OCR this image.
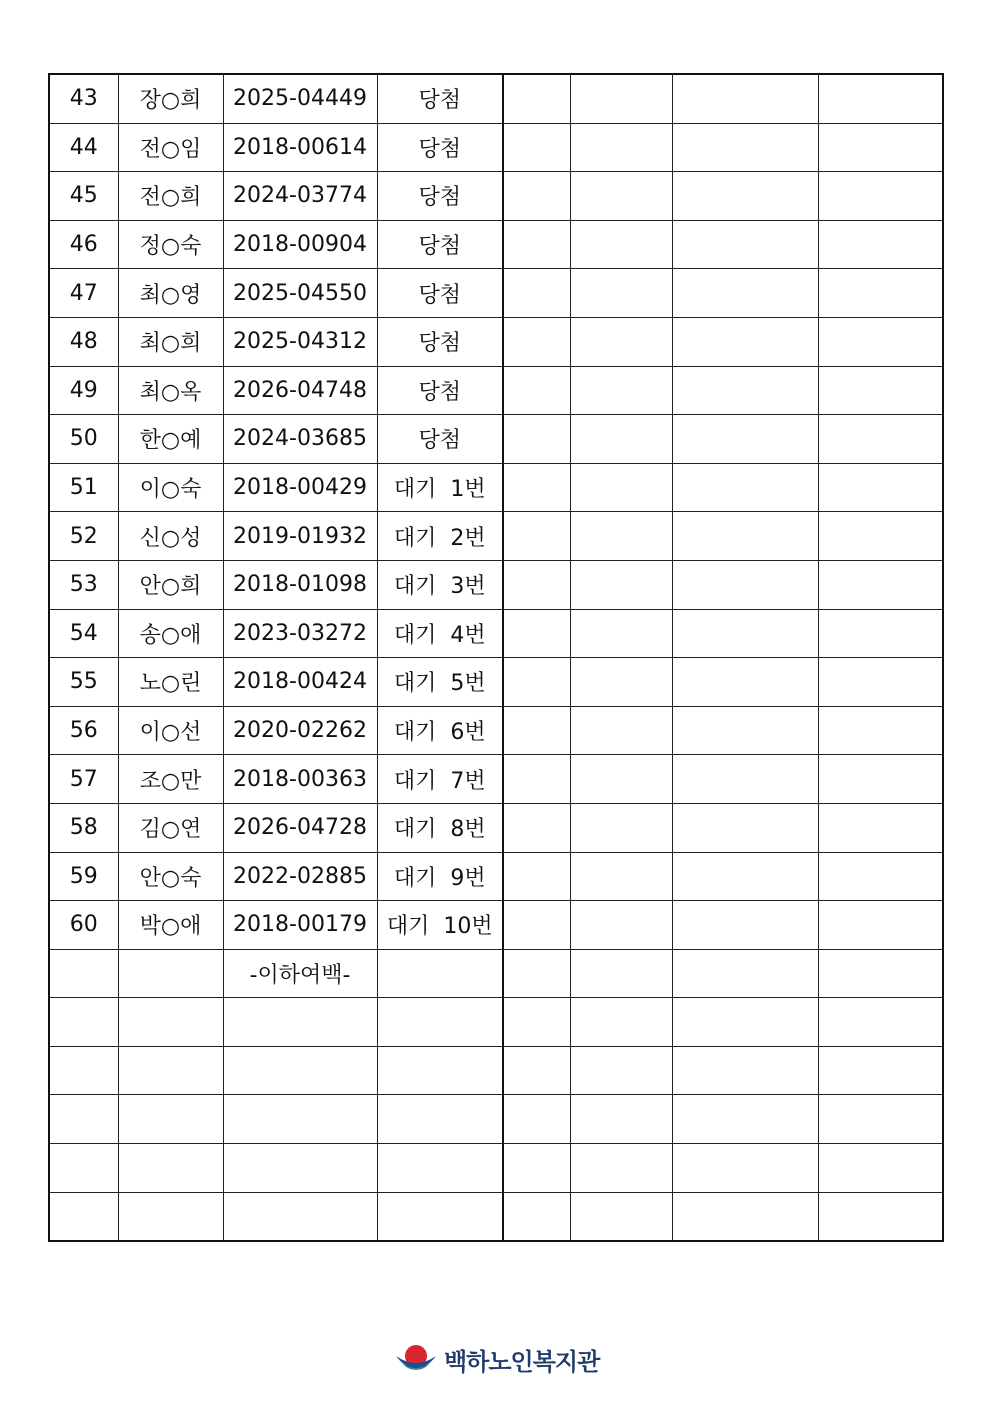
43	장○희	2025-04449	당첨				
44	전○임	2018-00614	당첨				
45	전○희	2024-03774	당첨				
46	정○숙	2018-00904	당첨				
47	최○영	2025-04550	당첨				
48	최○희	2025-04312	당첨				
49	최○옥	2026-04748	당첨				
50	한○예	2024-03685	당첨				
51	이○숙	2018-00429	대기  1번				
52	신○성	2019-01932	대기  2번				
53	안○희	2018-01098	대기  3번				
54	송○애	2023-03272	대기  4번				
55	노○린	2018-00424	대기  5번				
56	이○선	2020-02262	대기  6번				
57	조○만	2018-00363	대기  7번				
58	김○연	2026-04728	대기  8번				
59	안○숙	2022-02885	대기  9번				
60	박○애	2018-00179	대기  10번				
		-이하여백-					

백하노인복지관
